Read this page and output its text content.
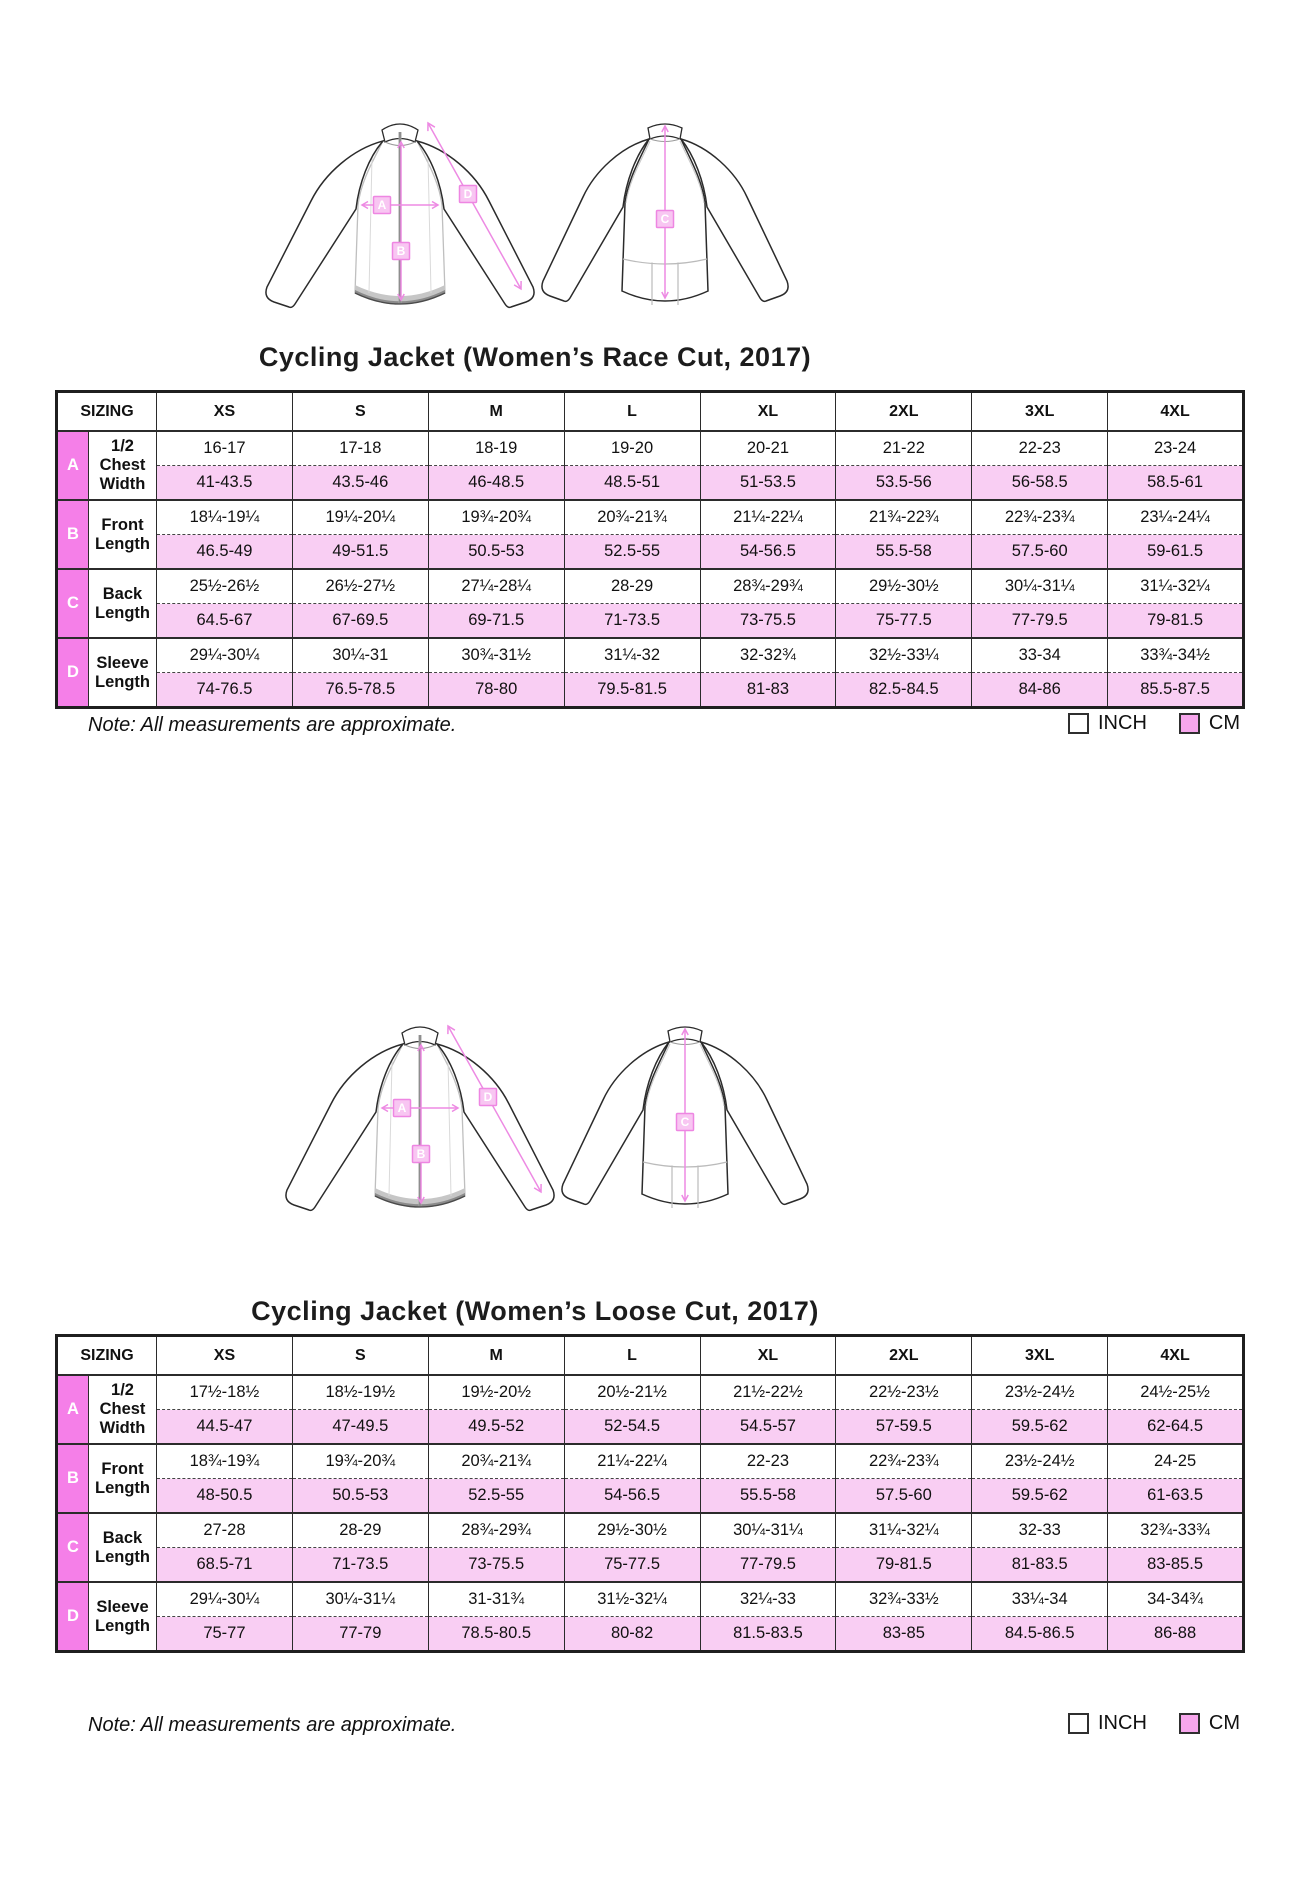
Cycling Jacket (Women’s Race Cut, 2017)
SIZING		XS	S	M	L	XL	2XL	3XL	4XL
A	1/2 Chest Width	16-17	17-18	18-19	19-20	20-21	21-22	22-23	23-24
		41-43.5	43.5-46	46-48.5	48.5-51	51-53.5	53.5-56	56-58.5	58.5-61
B	Front Length	18¼-19¼	19¼-20¼	19¾-20¾	20¾-21¾	21¼-22¼	21¾-22¾	22¾-23¾	23¼-24¼
		46.5-49	49-51.5	50.5-53	52.5-55	54-56.5	55.5-58	57.5-60	59-61.5
C	Back Length	25½-26½	26½-27½	27¼-28¼	28-29	28¾-29¾	29½-30½	30¼-31¼	31¼-32¼
		64.5-67	67-69.5	69-71.5	71-73.5	73-75.5	75-77.5	77-79.5	79-81.5
D	Sleeve Length	29¼-30¼	30¼-31	30¾-31½	31¼-32	32-32¾	32½-33¼	33-34	33¾-34½
		74-76.5	76.5-78.5	78-80	79.5-81.5	81-83	82.5-84.5	84-86	85.5-87.5
Note: All measurements are approximate.	INCH	CM
Cycling Jacket (Women’s Loose Cut, 2017)
SIZING		XS	S	M	L	XL	2XL	3XL	4XL
A	1/2 Chest Width	17½-18½	18½-19½	19½-20½	20½-21½	21½-22½	22½-23½	23½-24½	24½-25½
		44.5-47	47-49.5	49.5-52	52-54.5	54.5-57	57-59.5	59.5-62	62-64.5
B	Front Length	18¾-19¾	19¾-20¾	20¾-21¾	21¼-22¼	22-23	22¾-23¾	23½-24½	24-25
		48-50.5	50.5-53	52.5-55	54-56.5	55.5-58	57.5-60	59.5-62	61-63.5
C	Back Length	27-28	28-29	28¾-29¾	29½-30½	30¼-31¼	31¼-32¼	32-33	32¾-33¾
		68.5-71	71-73.5	73-75.5	75-77.5	77-79.5	79-81.5	81-83.5	83-85.5
D	Sleeve Length	29¼-30¼	30¼-31¼	31-31¾	31½-32¼	32¼-33	32¾-33½	33¼-34	34-34¾
		75-77	77-79	78.5-80.5	80-82	81.5-83.5	83-85	84.5-86.5	86-88
Note: All measurements are approximate.	INCH	CM
